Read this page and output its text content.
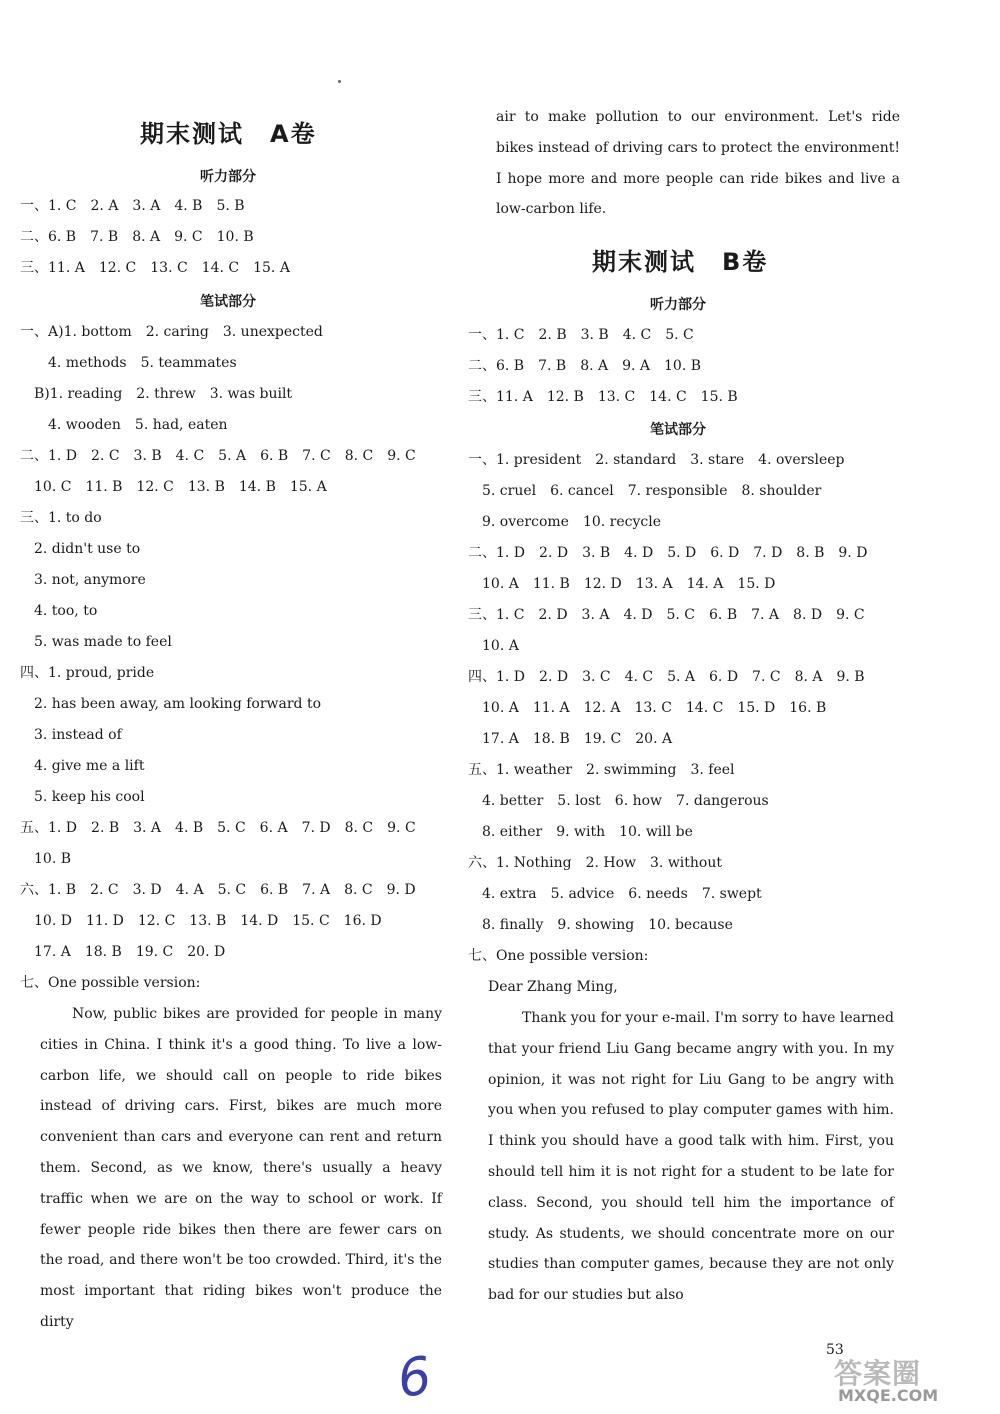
期末测试　A卷
听力部分
一、1. C　2. A　3. A　4. B　5. B
二、6. B　7. B　8. A　9. C　10. B
三、11. A　12. C　13. C　14. C　15. A
笔试部分
一、A)1. bottom　2. caring　3. unexpected
　　4. methods　5. teammates
　B)1. reading　2. threw　3. was built
　　4. wooden　5. had, eaten
二、1. D　2. C　3. B　4. C　5. A　6. B　7. C　8. C　9. C
　10. C　11. B　12. C　13. B　14. B　15. A
三、1. to do
　2. didn't use to
　3. not, anymore
　4. too, to
　5. was made to feel
四、1. proud, pride
　2. has been away, am looking forward to
　3. instead of
　4. give me a lift
　5. keep his cool
五、1. D　2. B　3. A　4. B　5. C　6. A　7. D　8. C　9. C
　10. B
六、1. B　2. C　3. D　4. A　5. C　6. B　7. A　8. C　9. D
　10. D　11. D　12. C　13. B　14. D　15. C　16. D
　17. A　18. B　19. C　20. D
七、One possible version:

Now, public bikes are provided for people in many cities in China. I think it's a good thing. To live a low-carbon life, we should call on people to ride bikes instead of driving cars. First, bikes are much more convenient than cars and everyone can rent and return them. Second, as we know, there's usually a heavy traffic when we are on the way to school or work. If fewer people ride bikes then there are fewer cars on the road, and there won't be too crowded. Third, it's the most important that riding bikes won't produce the dirty

air to make pollution to our environment. Let's ride bikes instead of driving cars to protect the environment! I hope more and more people can ride bikes and live a low-carbon life.

期末测试　B卷
听力部分
一、1. C　2. B　3. B　4. C　5. C
二、6. B　7. B　8. A　9. A　10. B
三、11. A　12. B　13. C　14. C　15. B
笔试部分
一、1. president　2. standard　3. stare　4. oversleep
　5. cruel　6. cancel　7. responsible　8. shoulder
　9. overcome　10. recycle
二、1. D　2. D　3. B　4. D　5. D　6. D　7. D　8. B　9. D
　10. A　11. B　12. D　13. A　14. A　15. D
三、1. C　2. D　3. A　4. D　5. C　6. B　7. A　8. D　9. C
　10. A
四、1. D　2. D　3. C　4. C　5. A　6. D　7. C　8. A　9. B
　10. A　11. A　12. A　13. C　14. C　15. D　16. B
　17. A　18. B　19. C　20. A
五、1. weather　2. swimming　3. feel
　4. better　5. lost　6. how　7. dangerous
　8. either　9. with　10. will be
六、1. Nothing　2. How　3. without
　4. extra　5. advice　6. needs　7. swept
　8. finally　9. showing　10. because
七、One possible version:
Dear Zhang Ming,

Thank you for your e-mail. I'm sorry to have learned that your friend Liu Gang became angry with you. In my opinion, it was not right for Liu Gang to be angry with you when you refused to play computer games with him. I think you should have a good talk with him. First, you should tell him it is not right for a student to be late for class. Second, you should tell him the importance of study. As students, we should concentrate more on our studies than computer games, because they are not only bad for our studies but also

53
6	答案圈
MXQE.COM
